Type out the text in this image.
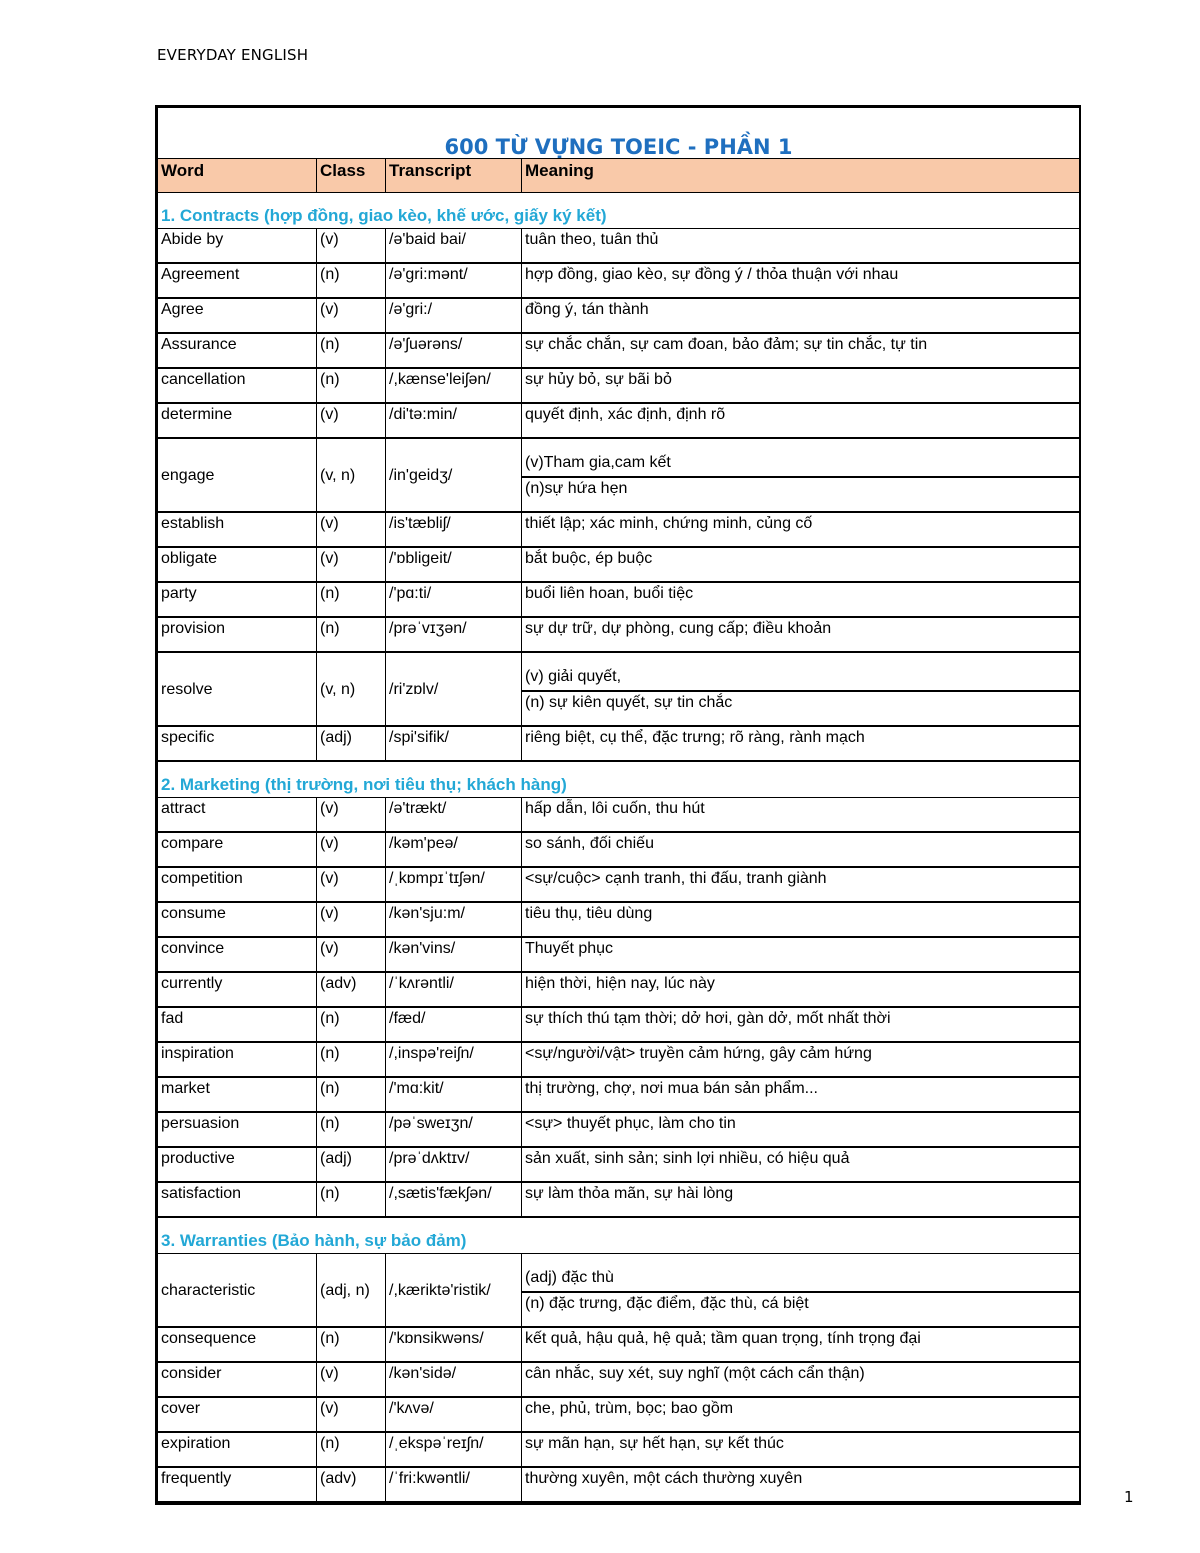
EVERYDAY ENGLISH
600 TỪ VỰNG TOEIC - PHẦN 1			
Word	Class	Transcript	Meaning
1. Contracts (hợp đồng, giao kèo, khế ước, giấy ký kết)			
Abide by	(v)	/ə'baid bai/	tuân theo, tuân thủ
Agreement	(n)	/ə'gri:mənt/	hợp đồng, giao kèo, sự đồng ý / thỏa thuận với nhau
Agree	(v)	/ə'gri:/	đồng ý, tán thành
Assurance	(n)	/ə'ʃuərəns/	sự chắc chắn, sự cam đoan, bảo đảm; sự tin chắc, tự tin
cancellation	(n)	/,kænse'leiʃən/	sự hủy bỏ, sự bãi bỏ
determine	(v)	/di'tə:min/	quyết định, xác định, định rõ
engage	(v, n)	/in'geidʒ/	(v)Tham gia,cam kết
			(n)sự hứa hẹn
establish	(v)	/is'tæbliʃ/	thiết lập; xác minh, chứng minh, củng cố
obligate	(v)	/'ɒbligeit/	bắt buộc, ép buộc
party	(n)	/'pɑ:ti/	buổi liên hoan, buổi tiệc
provision	(n)	/prəˈvɪʒən/	sự dự trữ, dự phòng, cung cấp; điều khoản
resolve	(v, n)	/ri'zɒlv/	(v) giải quyết,
			(n) sự kiên quyết, sự tin chắc
specific	(adj)	/spi'sifik/	riêng biệt, cụ thể, đặc trưng; rõ ràng, rành mạch
2. Marketing (thị trường, nơi tiêu thụ; khách hàng)			
attract	(v)	/ə'trækt/	hấp dẫn, lôi cuốn, thu hút
compare	(v)	/kəm'peə/	so sánh, đối chiếu
competition	(v)	/ˌkɒmpɪˈtɪʃən/	<sự/cuộc> cạnh tranh, thi đấu, tranh giành
consume	(v)	/kən'sju:m/	tiêu thụ, tiêu dùng
convince	(v)	/kən'vins/	Thuyết phục
currently	(adv)	/ˈkʌrəntli/	hiện thời, hiện nay, lúc này
fad	(n)	/fæd/	sự thích thú tạm thời; dở hơi, gàn dở, mốt nhất thời
inspiration	(n)	/,inspə'reiʃn/	<sự/người/vật> truyền cảm hứng, gây cảm hứng
market	(n)	/'mɑ:kit/	thị trường, chợ, nơi mua bán sản phẩm...
persuasion	(n)	/pəˈsweɪʒn/	<sự> thuyết phục, làm cho tin
productive	(adj)	/prəˈdʌktɪv/	sản xuất, sinh sản; sinh lợi nhiều, có hiệu quả
satisfaction	(n)	/,sætis'fækʃən/	sự làm thỏa mãn, sự hài lòng
3. Warranties (Bảo hành, sự bảo đảm)			
characteristic	(adj, n)	/,kæriktə'ristik/	(adj) đặc thù
			(n) đặc trưng, đặc điểm, đặc thù, cá biệt
consequence	(n)	/'kɒnsikwəns/	kết quả, hậu quả, hệ quả; tầm quan trọng, tính trọng đại
consider	(v)	/kən'sidə/	cân nhắc, suy xét, suy nghĩ (một cách cẩn thận)
cover	(v)	/'kʌvə/	che, phủ, trùm, bọc; bao gồm
expiration	(n)	/ˌekspəˈreɪʃn/	sự mãn hạn, sự hết hạn, sự kết thúc
frequently	(adv)	/ˈfri:kwəntli/	thường xuyên, một cách thường xuyên
1
